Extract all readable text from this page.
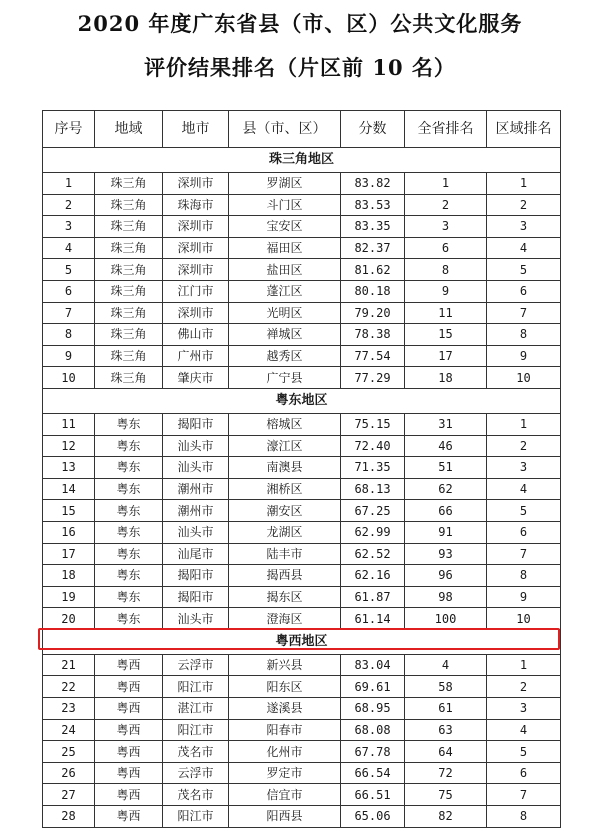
2020 年度广东省县（市、区）公共文化服务
评价结果排名（片区前 10 名）
序号	地域	地市	县（市、区）	分数	全省排名	区域排名
珠三角地区						
1	珠三角	深圳市	罗湖区	83.82	1	1
2	珠三角	珠海市	斗门区	83.53	2	2
3	珠三角	深圳市	宝安区	83.35	3	3
4	珠三角	深圳市	福田区	82.37	6	4
5	珠三角	深圳市	盐田区	81.62	8	5
6	珠三角	江门市	蓬江区	80.18	9	6
7	珠三角	深圳市	光明区	79.20	11	7
8	珠三角	佛山市	禅城区	78.38	15	8
9	珠三角	广州市	越秀区	77.54	17	9
10	珠三角	肇庆市	广宁县	77.29	18	10
粤东地区						
11	粤东	揭阳市	榕城区	75.15	31	1
12	粤东	汕头市	濠江区	72.40	46	2
13	粤东	汕头市	南澳县	71.35	51	3
14	粤东	潮州市	湘桥区	68.13	62	4
15	粤东	潮州市	潮安区	67.25	66	5
16	粤东	汕头市	龙湖区	62.99	91	6
17	粤东	汕尾市	陆丰市	62.52	93	7
18	粤东	揭阳市	揭西县	62.16	96	8
19	粤东	揭阳市	揭东区	61.87	98	9
20	粤东	汕头市	澄海区	61.14	100	10
粤西地区						
21	粤西	云浮市	新兴县	83.04	4	1
22	粤西	阳江市	阳东区	69.61	58	2
23	粤西	湛江市	遂溪县	68.95	61	3
24	粤西	阳江市	阳春市	68.08	63	4
25	粤西	茂名市	化州市	67.78	64	5
26	粤西	云浮市	罗定市	66.54	72	6
27	粤西	茂名市	信宜市	66.51	75	7
28	粤西	阳江市	阳西县	65.06	82	8
